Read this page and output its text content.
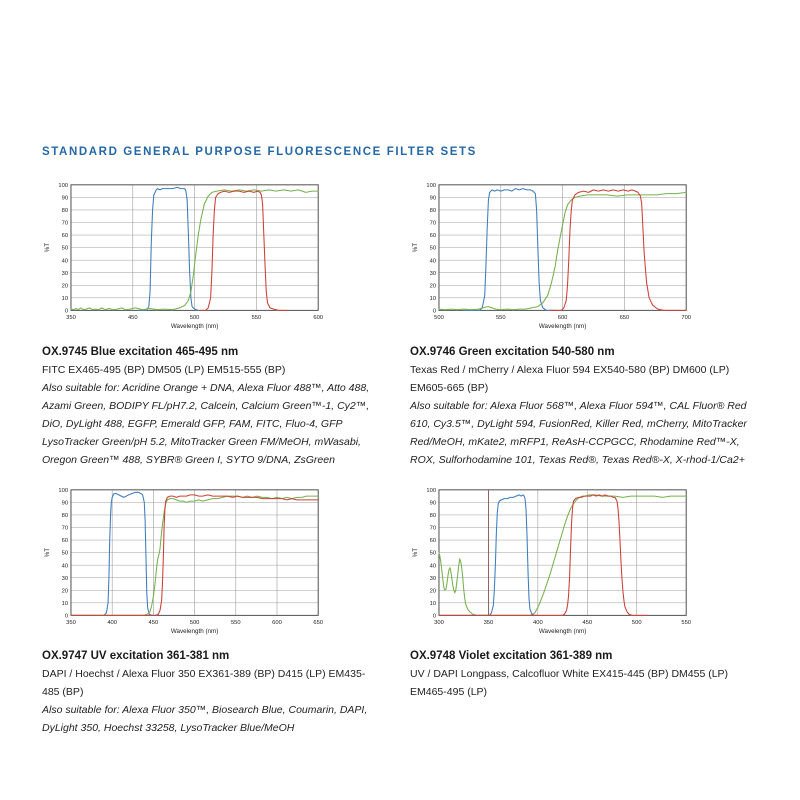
STANDARD GENERAL PURPOSE FLUORESCENCE FILTER SETS
0
10
20
30
40
50
60
70
80
90
100
350	450	500	550	600
Wavelength (nm)
%T
OX.9745 Blue excitation 465-495 nm

FITC EX465-495 (BP) DM505 (LP) EM515-555 (BP)

Also suitable for: Acridine Orange + DNA, Alexa Fluor 488™, Atto 488, Azami Green, BODIPY FL/pH7.2, Calcein, Calcium Green™-1, Cy2™, DiO, DyLight 488, EGFP, Emerald GFP, FAM, FITC, Fluo-4, GFP LysoTracker Green/pH 5.2, MitoTracker Green FM/MeOH, mWasabi, Oregon Green™ 488, SYBR® Green I, SYTO 9/DNA, ZsGreen

0
10
20
30
40
50
60
70
80
90
100
500	550	600	650	700
Wavelength (nm)
%T
OX.9746 Green excitation 540-580 nm

Texas Red / mCherry / Alexa Fluor 594 EX540-580 (BP) DM600 (LP) EM605-665 (BP)

Also suitable for: Alexa Fluor 568™, Alexa Fluor 594™, CAL Fluor® Red 610, Cy3.5™, DyLight 594, FusionRed, Killer Red, mCherry, MitoTracker Red/MeOH, mKate2, mRFP1, ReAsH-CCPGCC, Rhodamine Red™-X, ROX, Sulforhodamine 101, Texas Red®, Texas Red®-X, X-rhod-1/Ca2+

0
10
20
30
40
50
60
70
80
90
100
350	400	450	500	550	600	650
Wavelength (nm)
%T
OX.9747 UV excitation 361-381 nm

DAPI / Hoechst / Alexa Fluor 350 EX361-389 (BP) D415 (LP) EM435-485 (BP)

Also suitable for: Alexa Fluor 350™, Biosearch Blue, Coumarin, DAPI, DyLight 350, Hoechst 33258, LysoTracker Blue/MeOH

0
10
20
30
40
50
60
70
80
90
100
300	350	400	450	500	550
Wavelength (nm)
%T
OX.9748 Violet excitation 361-389 nm

UV / DAPI Longpass, Calcofluor White EX415-445 (BP) DM455 (LP) EM465-495 (LP)
